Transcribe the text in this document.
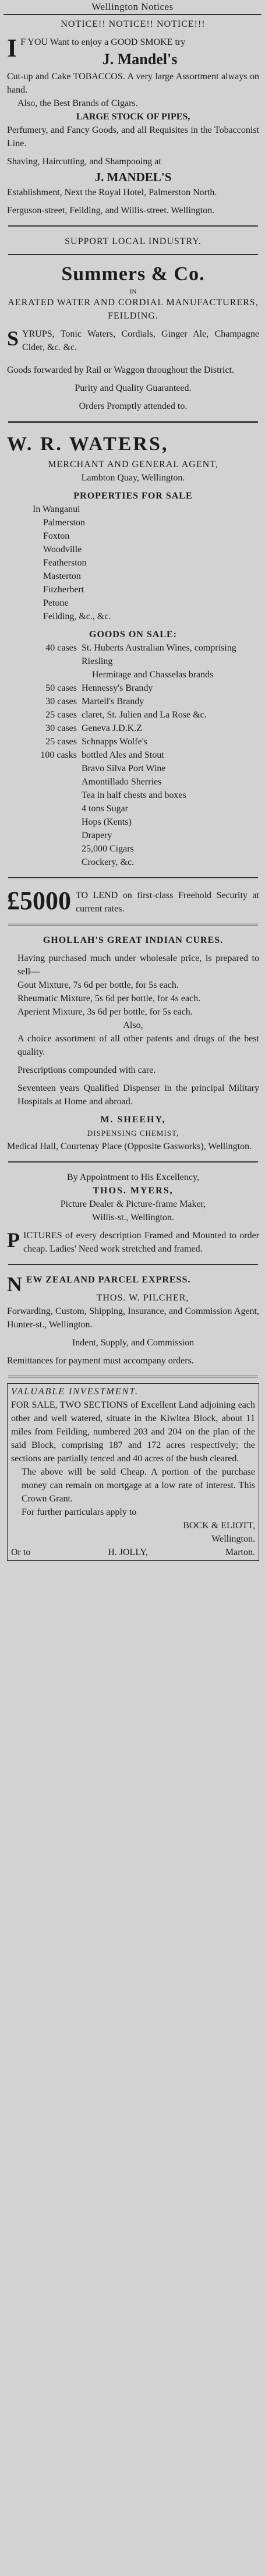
Wellington Notices

NOTICE!! NOTICE!! NOTICE!!!

I F YOU Want to enjoy a GOOD SMOKE try

J. Mandel's

Cut-up and Cake TOBACCOS. A very large Assortment always on hand.

Also, the Best Brands of Cigars.

LARGE STOCK OF PIPES,

Perfumery, and Fancy Goods, and all Requisites in the Tobacconist Line.

Shaving, Haircutting, and Shampooing at

J. MANDEL'S

Establishment, Next the Royal Hotel, Palmerston North.

Ferguson-street, Feilding, and Willis-street. Wellington.

SUPPORT LOCAL INDUSTRY.

Summers & Co.

IN

AERATED WATER AND CORDIAL MANUFACTURERS, FEILDING.

SYRUPS, Tonic Waters, Cordials, Ginger Ale, Champagne Cider, &c. &c.

Goods forwarded by Rail or Waggon throughout the District.

Purity and Quality Guaranteed.

Orders Promptly attended to.

W. R. WATERS,

MERCHANT AND GENERAL AGENT,

Lambton Quay, Wellington.

PROPERTIES FOR SALE

In Wanganui

Palmerston

Foxton

Woodville

Featherston

Masterton

Fitzherbert

Petone

Feilding, &c., &c.

GOODS ON SALE:

40 cases St. Huberts Australian Wines, comprising

Riesling

Hermitage and Chasselas brands

50 cases Hennessy's Brandy

30 cases Martell's Brandy

25 cases claret, St. Julien and La Rose &c.

30 cases Geneva J.D.K.Z

25 cases Schnapps Wolfe's

100 casks bottled Ales and Stout

Bravo Silva Port Wine

Amontillado Sherries

Tea in half chests and boxes

4 tons Sugar

Hops (Kents)

Drapery

25,000 Cigars

Crockery, &c.

£5000 TO LEND on first-class Freehold Security at current rates.

GHOLLAH'S GREAT INDIAN CURES.

Having purchased much under wholesale price, is prepared to sell—

Gout Mixture, 7s 6d per bottle, for 5s each.

Rheumatic Mixture, 5s 6d per bottle, for 4s each.

Aperient Mixture, 3s 6d per bottle, for 5s each.

Also,

A choice assortment of all other patents and drugs of the best quality.

Prescriptions compounded with care.

Seventeen years Qualified Dispenser in the principal Military Hospitals at Home and abroad.

M. SHEEHY,

DISPENSING CHEMIST,

Medical Hall, Courtenay Place (Opposite Gasworks), Wellington.

By Appointment to His Excellency,

THOS. MYERS,

Picture Dealer & Picture-frame Maker,

Willis-st., Wellington.

PICTURES of every description Framed and Mounted to order cheap. Ladies' Need work stretched and framed.

NEW ZEALAND PARCEL EXPRESS.

THOS. W. PILCHER,

Forwarding, Custom, Shipping, Insurance, and Commission Agent, Hunter-st., Wellington.

Indent, Supply, and Commission

Remittances for payment must accompany orders.

VALUABLE INVESTMENT.

FOR SALE, TWO SECTIONS of Excellent Land adjoining each other and well watered, situate in the Kiwitea Block, about 11 miles from Feilding, numbered 203 and 204 on the plan of the said Block, comprising 187 and 172 acres respectively; the sections are partially tenced and 40 acres of the bush cleared.

The above will be sold Cheap. A portion of the purchase money can remain on mortgage at a low rate of interest. This Crown Grant.

For further particulars apply to

BOCK & ELIOTT,

Wellington.

Or to	H. JOLLY,	Marton.
